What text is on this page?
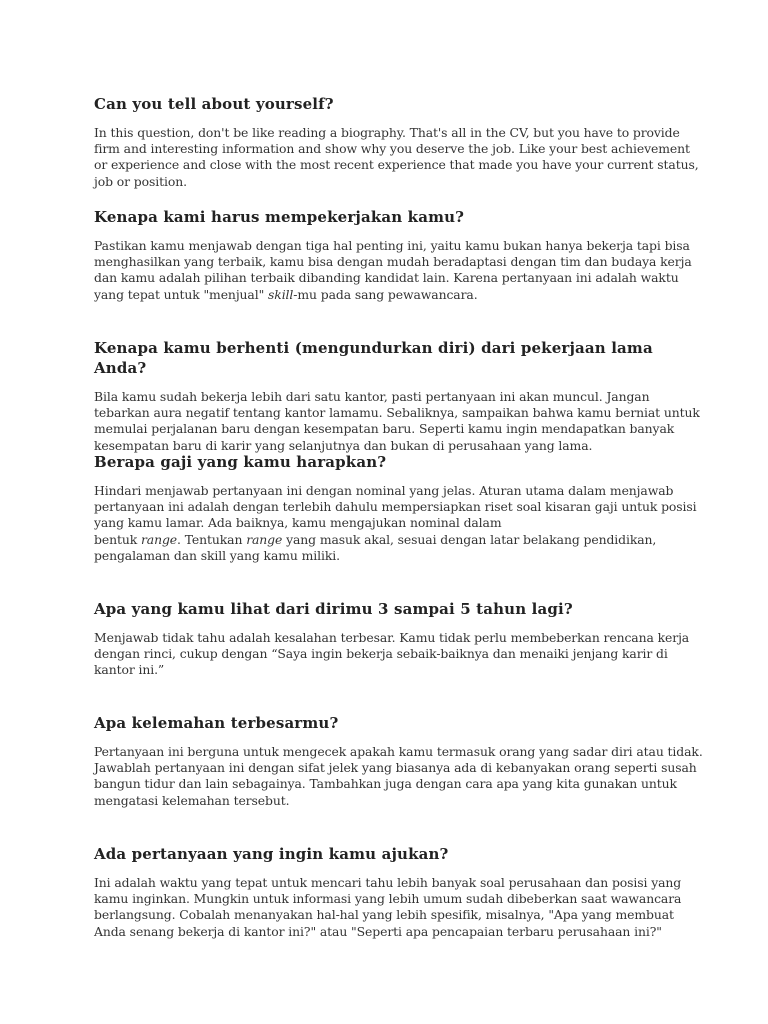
Can you tell about yourself?

In this question, don't be like reading a biography. That's all in the CV, but you have to provide
firm and interesting information and show why you deserve the job. Like your best achievement
or experience and close with the most recent experience that made you have your current status,
job or position.

Kenapa kami harus mempekerjakan kamu?

Pastikan kamu menjawab dengan tiga hal penting ini, yaitu kamu bukan hanya bekerja tapi bisa
menghasilkan yang terbaik, kamu bisa dengan mudah beradaptasi dengan tim dan budaya kerja
dan kamu adalah pilihan terbaik dibanding kandidat lain. Karena pertanyaan ini adalah waktu
yang tepat untuk "menjual" skill-mu pada sang pewawancara.

Kenapa kamu berhenti (mengundurkan diri) dari pekerjaan lama Anda?

Bila kamu sudah bekerja lebih dari satu kantor, pasti pertanyaan ini akan muncul. Jangan
tebarkan aura negatif tentang kantor lamamu. Sebaliknya, sampaikan bahwa kamu berniat untuk
memulai perjalanan baru dengan kesempatan baru. Seperti kamu ingin mendapatkan banyak
kesempatan baru di karir yang selanjutnya dan bukan di perusahaan yang lama.

Berapa gaji yang kamu harapkan?

Hindari menjawab pertanyaan ini dengan nominal yang jelas. Aturan utama dalam menjawab
pertanyaan ini adalah dengan terlebih dahulu mempersiapkan riset soal kisaran gaji untuk posisi
yang kamu lamar. Ada baiknya, kamu mengajukan nominal dalam
bentuk range. Tentukan range yang masuk akal, sesuai dengan latar belakang pendidikan,
pengalaman dan skill yang kamu miliki.

Apa yang kamu lihat dari dirimu 3 sampai 5 tahun lagi?

Menjawab tidak tahu adalah kesalahan terbesar. Kamu tidak perlu membeberkan rencana kerja
dengan rinci, cukup dengan “Saya ingin bekerja sebaik-baiknya dan menaiki jenjang karir di
kantor ini.”

Apa kelemahan terbesarmu?

Pertanyaan ini berguna untuk mengecek apakah kamu termasuk orang yang sadar diri atau tidak.
Jawablah pertanyaan ini dengan sifat jelek yang biasanya ada di kebanyakan orang seperti susah
bangun tidur dan lain sebagainya. Tambahkan juga dengan cara apa yang kita gunakan untuk
mengatasi kelemahan tersebut.

Ada pertanyaan yang ingin kamu ajukan?

Ini adalah waktu yang tepat untuk mencari tahu lebih banyak soal perusahaan dan posisi yang
kamu inginkan. Mungkin untuk informasi yang lebih umum sudah dibeberkan saat wawancara
berlangsung. Cobalah menanyakan hal-hal yang lebih spesifik, misalnya, "Apa yang membuat
Anda senang bekerja di kantor ini?" atau "Seperti apa pencapaian terbaru perusahaan ini?"
